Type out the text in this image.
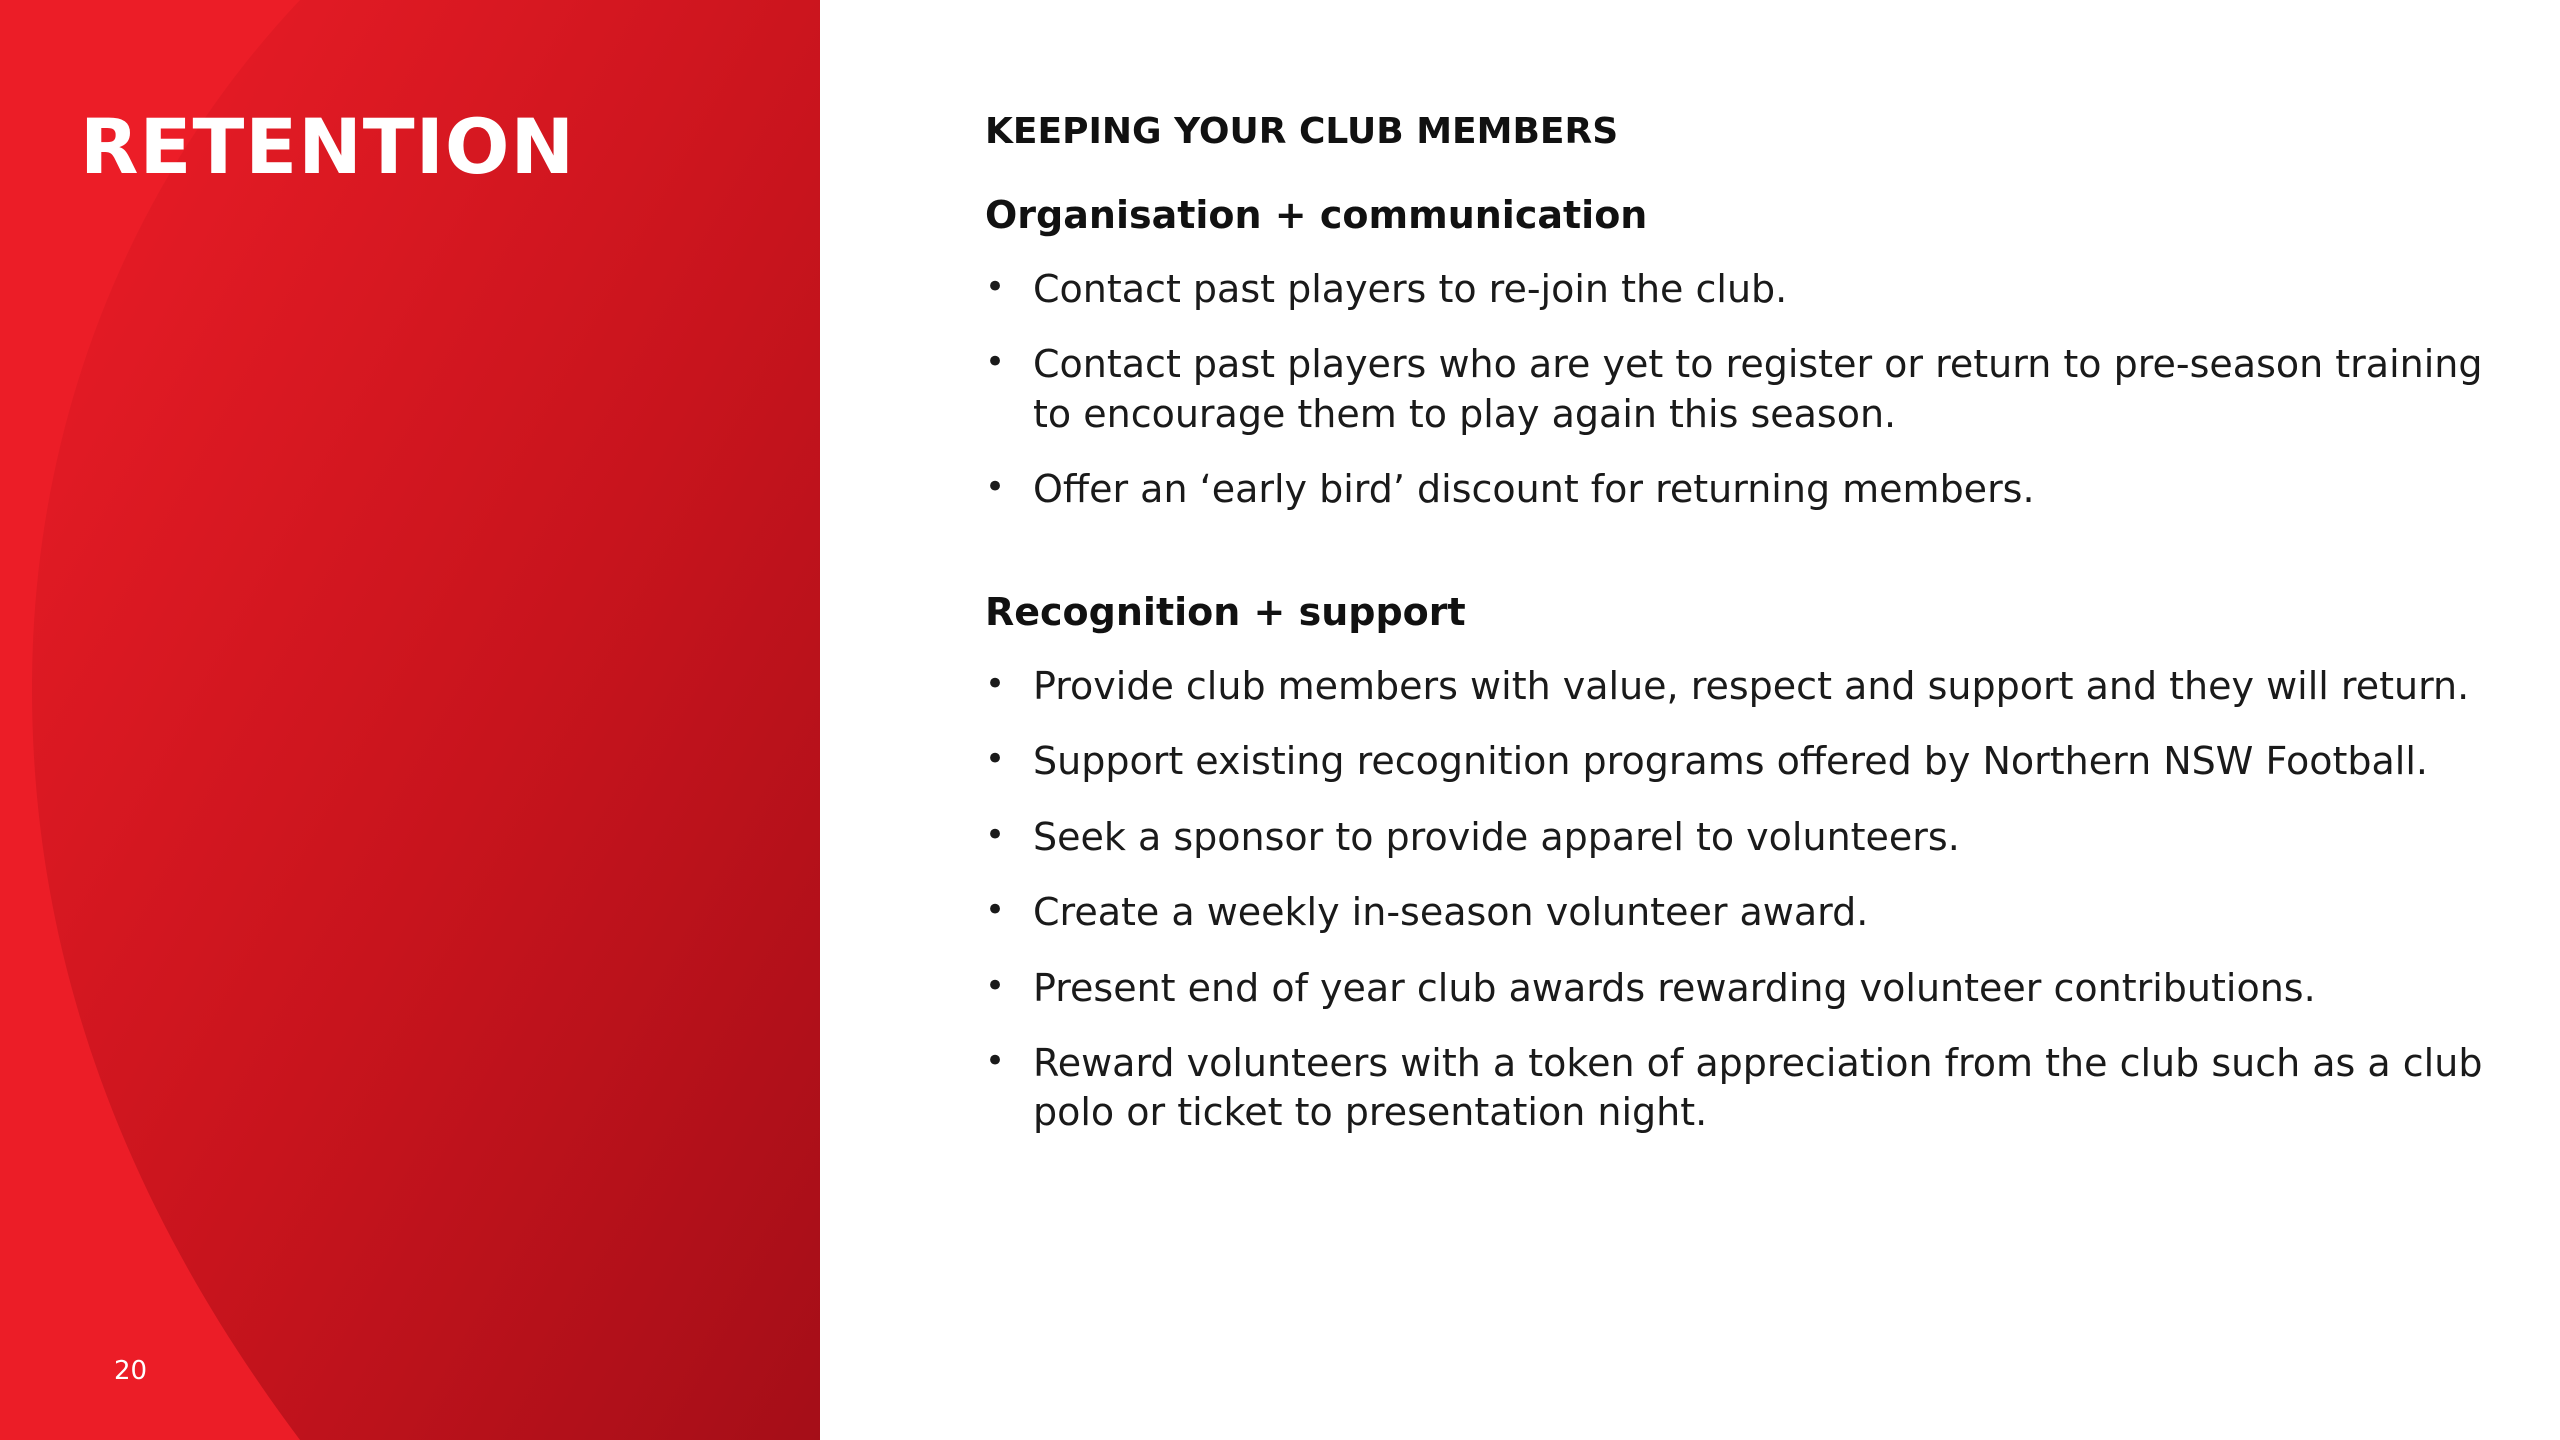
RETENTION
20
KEEPING YOUR CLUB MEMBERS
Organisation + communication
• Contact past players to re-join the club.
• Contact past players who are yet to register or return to pre-season training to encourage them to play again this season.
• Offer an ‘early bird’ discount for returning members.
Recognition + support
• Provide club members with value, respect and support and they will return.
• Support existing recognition programs offered by Northern NSW Football.
• Seek a sponsor to provide apparel to volunteers.
• Create a weekly in-season volunteer award.
• Present end of year club awards rewarding volunteer contributions.
• Reward volunteers with a token of appreciation from the club such as a club polo or ticket to presentation night.
